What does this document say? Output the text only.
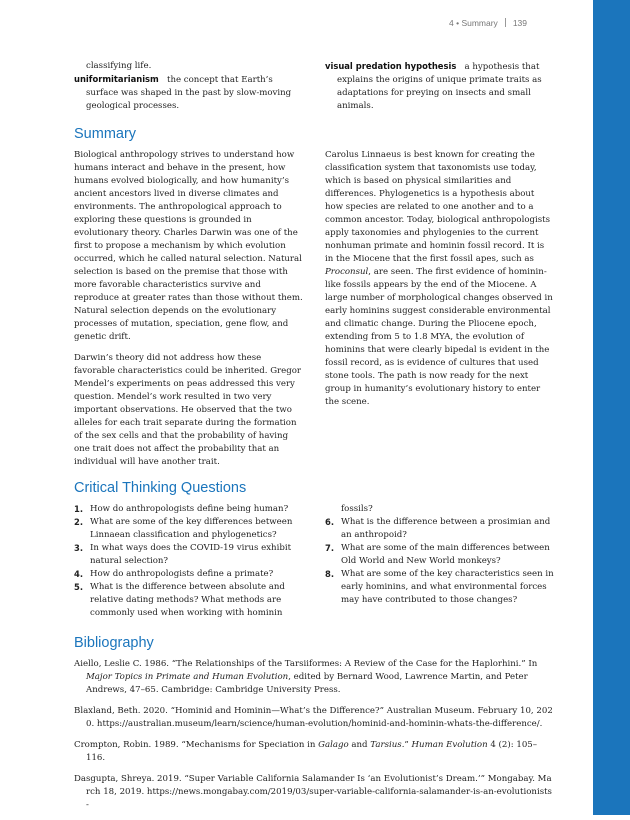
4 • Summary 139

classifying life.

uniformitarianism the concept that Earth’s surface was shaped in the past by slow-moving geological processes.

visual predation hypothesis a hypothesis that explains the origins of unique primate traits as adaptations for preying on insects and small animals.

Summary

Biological anthropology strives to understand how humans interact and behave in the present, how humans evolved biologically, and how humanity’s ancient ancestors lived in diverse climates and environments. The anthropological approach to exploring these questions is grounded in evolutionary theory. Charles Darwin was one of the first to propose a mechanism by which evolution occurred, which he called natural selection. Natural selection is based on the premise that those with more favorable characteristics survive and reproduce at greater rates than those without them. Natural selection depends on the evolutionary processes of mutation, speciation, gene flow, and genetic drift.

Darwin’s theory did not address how these favorable characteristics could be inherited. Gregor Mendel’s experiments on peas addressed this very question. Mendel’s work resulted in two very important observations. He observed that the two alleles for each trait separate during the formation of the sex cells and that the probability of having one trait does not affect the probability that an individual will have another trait.

Carolus Linnaeus is best known for creating the classification system that taxonomists use today, which is based on physical similarities and differences. Phylogenetics is a hypothesis about how species are related to one another and to a common ancestor. Today, biological anthropologists apply taxonomies and phylogenies to the current nonhuman primate and hominin fossil record. It is in the Miocene that the first fossil apes, such as Proconsul, are seen. The first evidence of hominin-like fossils appears by the end of the Miocene. A large number of morphological changes observed in early hominins suggest considerable environmental and climatic change. During the Pliocene epoch, extending from 5 to 1.8 MYA, the evolution of hominins that were clearly bipedal is evident in the fossil record, as is evidence of cultures that used stone tools. The path is now ready for the next group in humanity’s evolutionary history to enter the scene.

Critical Thinking Questions
1. How do anthropologists define being human?
2. What are some of the key differences between Linnaean classification and phylogenetics?
3. In what ways does the COVID-19 virus exhibit natural selection?
4. How do anthropologists define a primate?
5. What is the difference between absolute and relative dating methods? What methods are commonly used when working with hominin
fossils?
6. What is the difference between a prosimian and an anthropoid?
7. What are some of the main differences between Old World and New World monkeys?
8. What are some of the key characteristics seen in early hominins, and what environmental forces may have contributed to those changes?
Bibliography

Aiello, Leslie C. 1986. “The Relationships of the Tarsiiformes: A Review of the Case for the Haplorhini.” In Major Topics in Primate and Human Evolution, edited by Bernard Wood, Lawrence Martin, and Peter Andrews, 47–65. Cambridge: Cambridge University Press.

Blaxland, Beth. 2020. “Hominid and Hominin—What’s the Difference?” Australian Museum. February 10, 2020. https://australian.museum/learn/science/human-evolution/hominid-and-hominin-whats-the-difference/.

Crompton, Robin. 1989. “Mechanisms for Speciation in Galago and Tarsius.” Human Evolution 4 (2): 105–116.

Dasgupta, Shreya. 2019. “Super Variable California Salamander Is ‘an Evolutionist’s Dream.’” Mongabay. March 18, 2019. https://news.mongabay.com/2019/03/super-variable-california-salamander-is-an-evolutionists-
